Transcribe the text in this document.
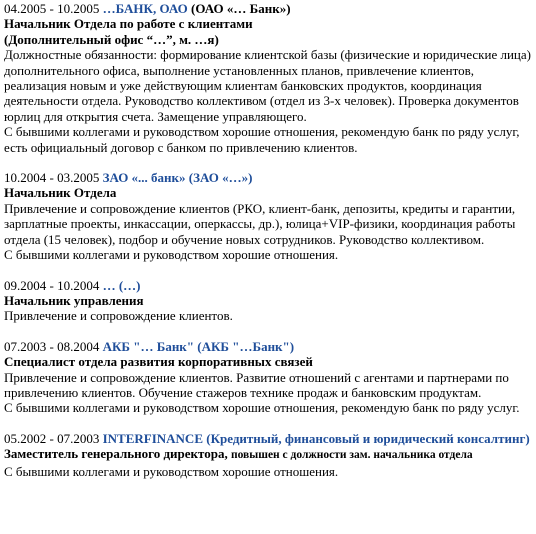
04.2005 - 10.2005 …БАНК, ОАО (ОАО «… Банк»)
Начальник Отдела по работе с клиентами
(Дополнительный офис “…”, м. …я)

Должностные обязанности: формирование клиентской базы (физические и юридические лица) дополнительного офиса, выполнение установленных планов, привлечение клиентов, реализация новым и уже действующим клиентам банковских продуктов, координация деятельности отдела. Руководство коллективом (отдел из 3-х человек). Проверка документов юрлиц для открытия счета. Замещение управляющего.

С бывшими коллегами и руководством хорошие отношения, рекомендую банк по ряду услуг, есть официальный договор с банком по привлечению клиентов.

10.2004 - 03.2005 ЗАО «... банк» (ЗАО «…»)
Начальник Отдела

Привлечение и сопровождение клиентов (РКО, клиент-банк, депозиты, кредиты и гарантии, зарплатные проекты, инкассации, оперкассы, др.), юлица+VIP-физики, координация работы отдела (15 человек), подбор и обучение новых сотрудников. Руководство коллективом.

С бывшими коллегами и руководством хорошие отношения.

09.2004 - 10.2004 … (…)
Начальник управления

Привлечение и сопровождение клиентов.

07.2003 - 08.2004 АКБ "… Банк" (АКБ "…Банк")
Специалист отдела развития корпоративных связей

Привлечение и сопровождение клиентов. Развитие отношений с агентами и партнерами по привлечению клиентов. Обучение стажеров технике продаж и банковским продуктам.

С бывшими коллегами и руководством хорошие отношения, рекомендую банк по ряду услуг.

05.2002 - 07.2003 INTERFINANCE (Кредитный, финансовый и юридический консалтинг)
Заместитель генерального директора, повышен с должности зам. начальника отдела

С бывшими коллегами и руководством хорошие отношения.
